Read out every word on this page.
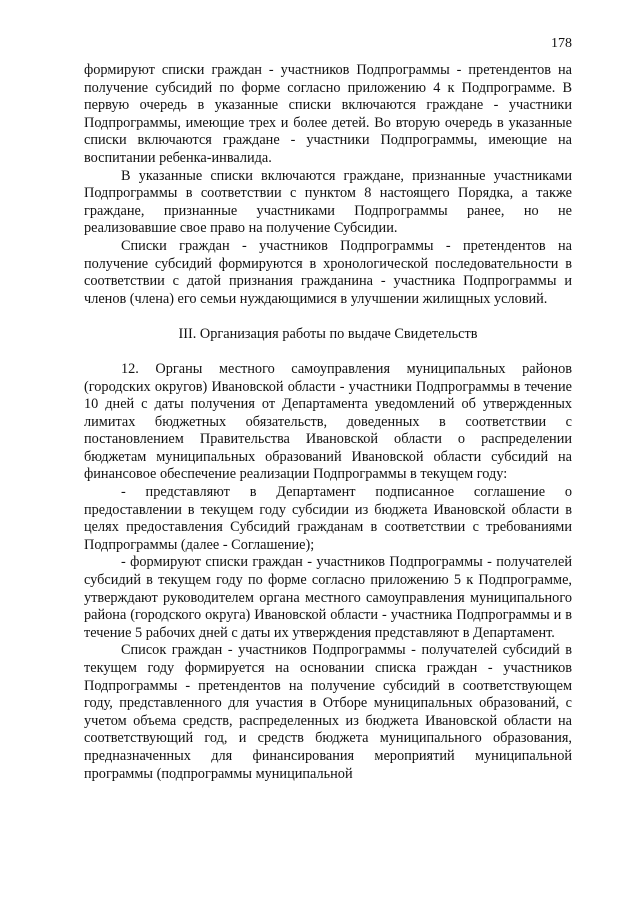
178

формируют списки граждан - участников Подпрограммы - претендентов на получение субсидий по форме согласно приложению 4 к Подпрограмме. В первую очередь в указанные списки включаются граждане - участники Подпрограммы, имеющие трех и более детей. Во вторую очередь в указанные списки включаются граждане - участники Подпрограммы, имеющие на воспитании ребенка-инвалида.

В указанные списки включаются граждане, признанные участниками Подпрограммы в соответствии с пунктом 8 настоящего Порядка, а также граждане, признанные участниками Подпрограммы ранее, но не реализовавшие свое право на получение Субсидии.

Списки граждан - участников Подпрограммы - претендентов на получение субсидий формируются в хронологической последовательности в соответствии с датой признания гражданина - участника Подпрограммы и членов (члена) его семьи нуждающимися в улучшении жилищных условий.

III. Организация работы по выдаче Свидетельств

12. Органы местного самоуправления муниципальных районов (городских округов) Ивановской области - участники Подпрограммы в течение 10 дней с даты получения от Департамента уведомлений об утвержденных лимитах бюджетных обязательств, доведенных в соответствии с постановлением Правительства Ивановской области о распределении бюджетам муниципальных образований Ивановской области субсидий на финансовое обеспечение реализации Подпрограммы в текущем году:

- представляют в Департамент подписанное соглашение о предоставлении в текущем году субсидии из бюджета Ивановской области в целях предоставления Субсидий гражданам в соответствии с требованиями Подпрограммы (далее - Соглашение);

- формируют списки граждан - участников Подпрограммы - получателей субсидий в текущем году по форме согласно приложению 5 к Подпрограмме, утверждают руководителем органа местного самоуправления муниципального района (городского округа) Ивановской области - участника Подпрограммы и в течение 5 рабочих дней с даты их утверждения представляют в Департамент.

Список граждан - участников Подпрограммы - получателей субсидий в текущем году формируется на основании списка граждан - участников Подпрограммы - претендентов на получение субсидий в соответствующем году, представленного для участия в Отборе муниципальных образований, с учетом объема средств, распределенных из бюджета Ивановской области на соответствующий год, и средств бюджета муниципального образования, предназначенных для финансирования мероприятий муниципальной программы (подпрограммы муниципальной
